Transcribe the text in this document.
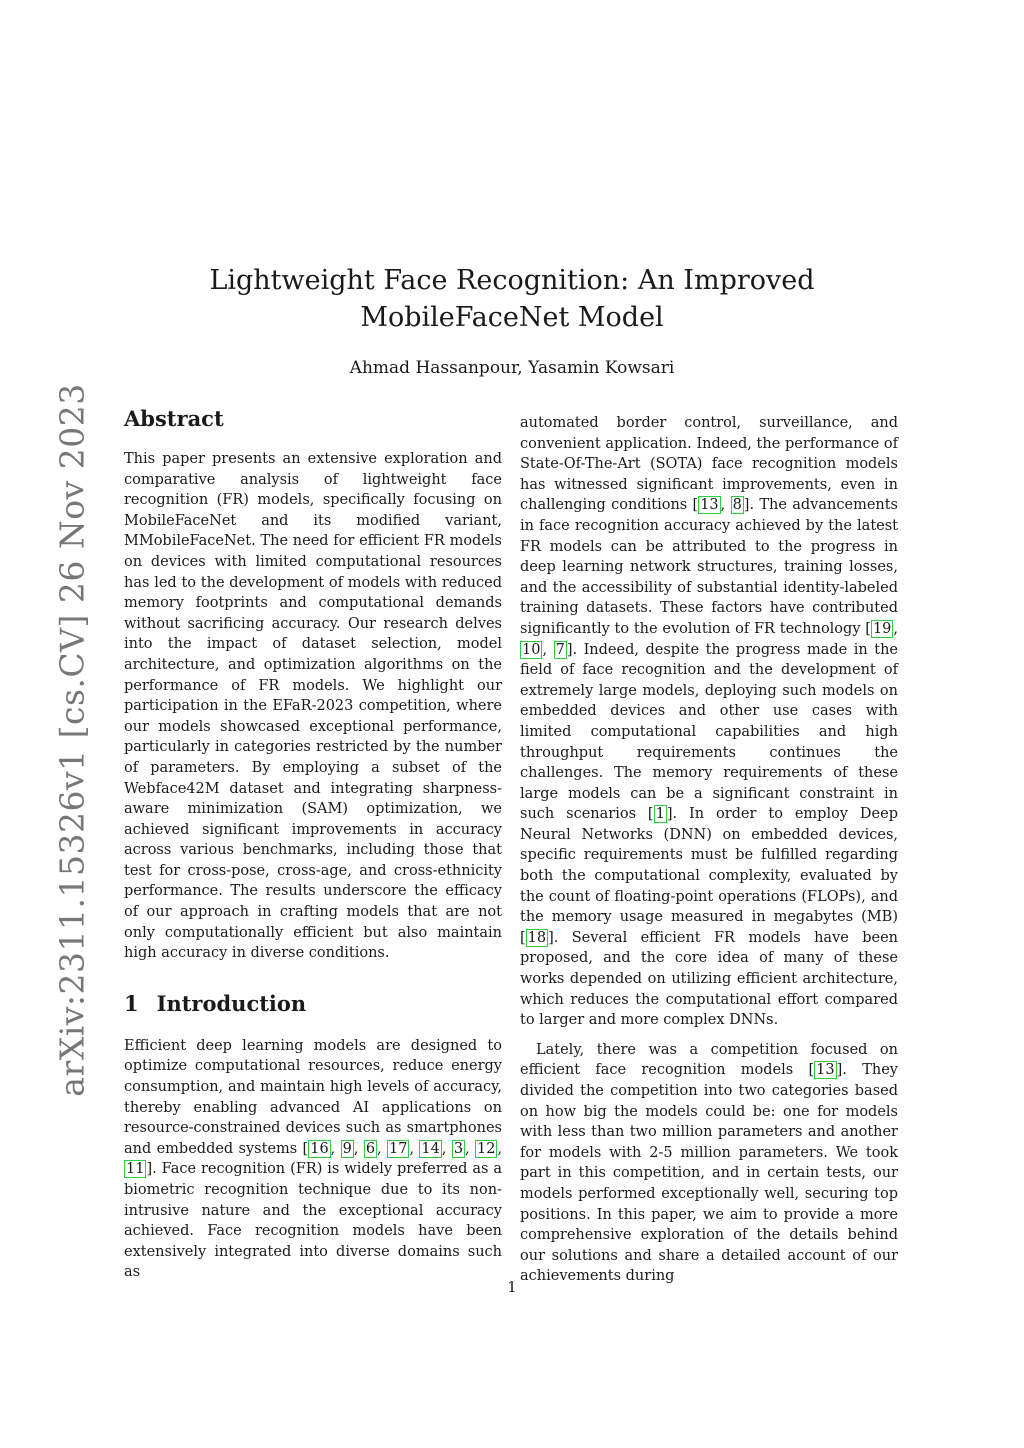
arXiv:2311.15326v1 [cs.CV] 26 Nov 2023
Lightweight Face Recognition: An Improved MobileFaceNet Model
Ahmad Hassanpour, Yasamin Kowsari
Abstract

This paper presents an extensive exploration and comparative analysis of lightweight face recognition (FR) models, specifically focusing on MobileFaceNet and its modified variant, MMobileFaceNet. The need for efficient FR models on devices with limited computational resources has led to the development of models with reduced memory footprints and computational demands without sacrificing accuracy. Our research delves into the impact of dataset selection, model architecture, and optimization algorithms on the performance of FR models. We highlight our participation in the EFaR-2023 competition, where our models showcased exceptional performance, particularly in categories restricted by the number of parameters. By employing a subset of the Webface42M dataset and integrating sharpness-aware minimization (SAM) optimization, we achieved significant improvements in accuracy across various benchmarks, including those that test for cross-pose, cross-age, and cross-ethnicity performance. The results underscore the efficacy of our approach in crafting models that are not only computationally efficient but also maintain high accuracy in diverse conditions.

1 Introduction

Efficient deep learning models are designed to optimize computational resources, reduce energy consumption, and maintain high levels of accuracy, thereby enabling advanced AI applications on resource-constrained devices such as smartphones and embedded systems [ 16 , 9 , 6 , 17 , 14 , 3 , 12 , 11 ]. Face recognition (FR) is widely preferred as a biometric recognition technique due to its non-intrusive nature and the exceptional accuracy achieved. Face recognition models have been extensively integrated into diverse domains such as

automated border control, surveillance, and convenient application. Indeed, the performance of State-Of-The-Art (SOTA) face recognition models has witnessed significant improvements, even in challenging conditions [ 13 , 8 ]. The advancements in face recognition accuracy achieved by the latest FR models can be attributed to the progress in deep learning network structures, training losses, and the accessibility of substantial identity-labeled training datasets. These factors have contributed significantly to the evolution of FR technology [ 19 , 10 , 7 ]. Indeed, despite the progress made in the field of face recognition and the development of extremely large models, deploying such models on embedded devices and other use cases with limited computational capabilities and high throughput requirements continues the challenges. The memory requirements of these large models can be a significant constraint in such scenarios [ 1 ]. In order to employ Deep Neural Networks (DNN) on embedded devices, specific requirements must be fulfilled regarding both the computational complexity, evaluated by the count of floating-point operations (FLOPs), and the memory usage measured in megabytes (MB) [ 18 ]. Several efficient FR models have been proposed, and the core idea of many of these works depended on utilizing efficient architecture, which reduces the computational effort compared to larger and more complex DNNs.

Lately, there was a competition focused on efficient face recognition models [ 13 ]. They divided the competition into two categories based on how big the models could be: one for models with less than two million parameters and another for models with 2-5 million parameters. We took part in this competition, and in certain tests, our models performed exceptionally well, securing top positions. In this paper, we aim to provide a more comprehensive exploration of the details behind our solutions and share a detailed account of our achievements during

1
